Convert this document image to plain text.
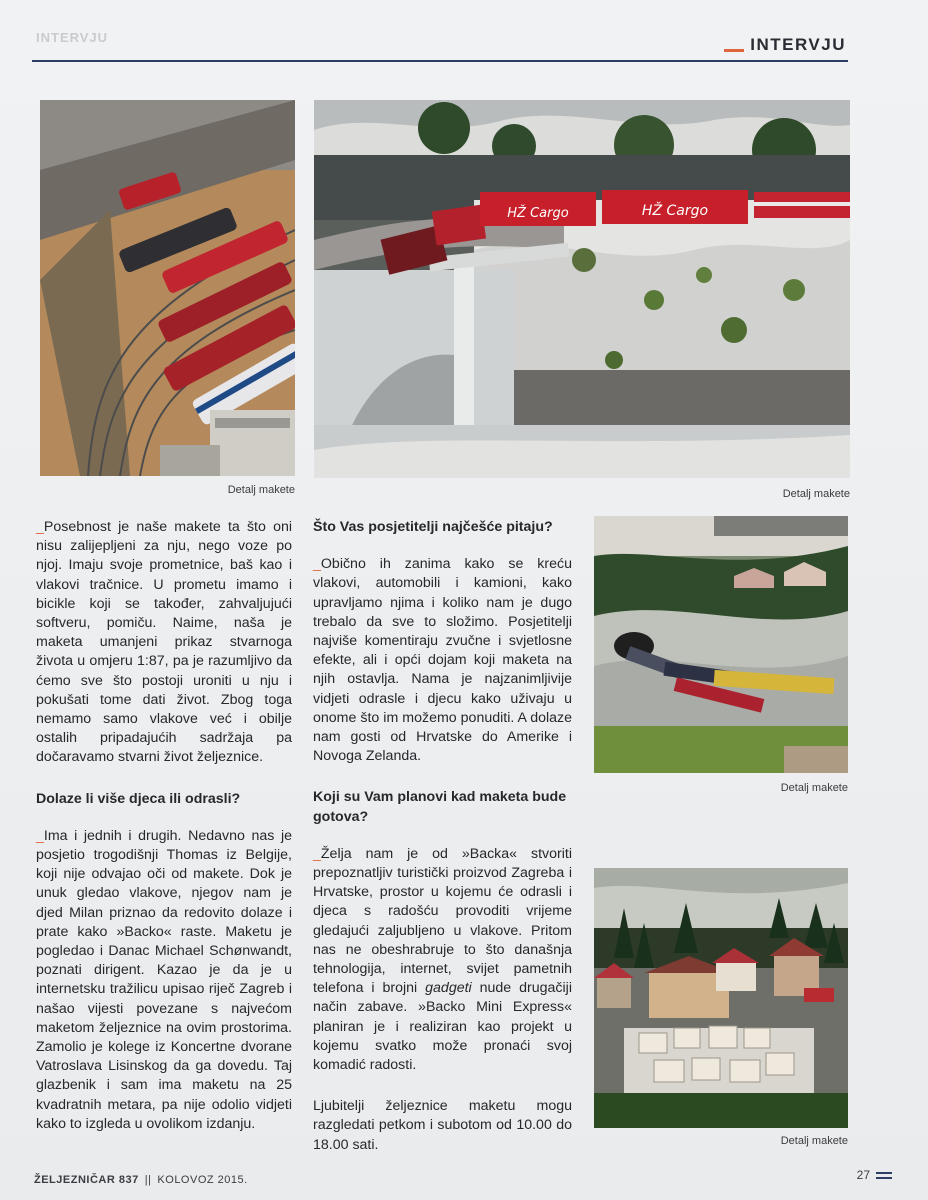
INTERVJU	INTERVJU
Detalj makete
HŽ Cargo	HŽ Cargo
Detalj makete
Detalj makete
Detalj makete

_Posebnost je naše makete ta što oni nisu zalijepljeni za nju, nego voze po njoj. Imaju svoje prometnice, baš kao i vlakovi tračnice. U prometu imamo i bicikle koji se također, zahvaljujući softveru, pomiču. Naime, naša je maketa umanjeni prikaz stvarnoga života u omjeru 1:87, pa je razumljivo da ćemo sve što postoji uroniti u nju i pokušati tome dati život. Zbog toga nemamo samo vlakove već i obilje ostalih pripadajućih sadržaja pa dočaravamo stvarni život željeznice.

Dolaze li više djeca ili odrasli?

_Ima i jednih i drugih. Nedavno nas je posjetio trogodišnji Thomas iz Belgije, koji nije odvajao oči od makete. Dok je unuk gledao vlakove, njegov nam je djed Milan priznao da redovito dolaze i prate kako »Backo« raste. Maketu je pogledao i Danac Michael Schønwandt, poznati dirigent. Kazao je da je u internetsku tražilicu upisao riječ Zagreb i našao vijesti povezane s najvećom maketom željeznice na ovim prostorima. Zamolio je kolege iz Koncertne dvorane Vatroslava Lisinskog da ga dovedu. Taj glazbenik i sam ima maketu na 25 kvadratnih metara, pa nije odolio vidjeti kako to izgleda u ovolikom izdanju.

Što Vas posjetitelji najčešće pitaju?

_Obično ih zanima kako se kreću vlakovi, automobili i kamioni, kako upravljamo njima i koliko nam je dugo trebalo da sve to složimo. Posjetitelji najviše komentiraju zvučne i svjetlosne efekte, ali i opći dojam koji maketa na njih ostavlja. Nama je najzanimljivije vidjeti odrasle i djecu kako uživaju u onome što im možemo ponuditi. A dolaze nam gosti od Hrvatske do Amerike i Novoga Zelanda.

Koji su Vam planovi kad maketa bude gotova?

_Želja nam je od »Backa« stvoriti prepoznatljiv turistički proizvod Zagreba i Hrvatske, prostor u kojemu će odrasli i djeca s radošću provoditi vrijeme gledajući zaljubljeno u vlakove. Pritom nas ne obeshrabruje to što današnja tehnologija, internet, svijet pametnih telefona i brojni gadgeti nude drugačiji način zabave. »Backo Mini Express« planiran je i realiziran kao projekt u kojemu svatko može pronaći svoj komadić radosti.

Ljubitelji željeznice maketu mogu razgledati petkom i subotom od 10.00 do 18.00 sati.

ŽELJEZNIČAR 837 || KOLOVOZ 2015.	27
